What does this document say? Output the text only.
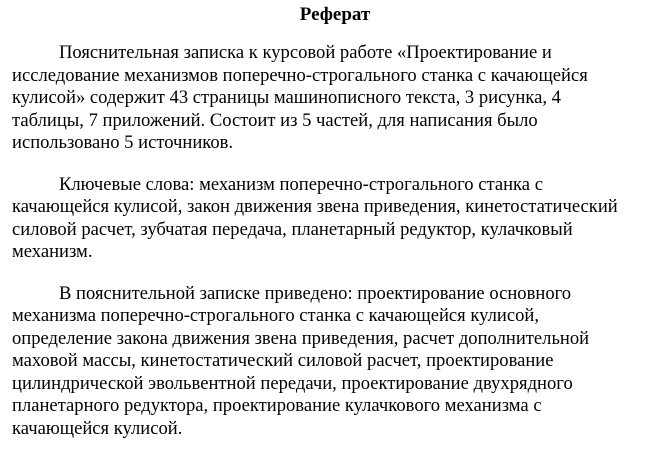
Реферат
Пояснительная записка к курсовой работе «Проектирование и
исследование механизмов поперечно-строгального станка с качающейся
кулисой» содержит 43 страницы машинописного текста, 3 рисунка, 4
таблицы, 7 приложений. Состоит из 5 частей, для написания было
использовано 5 источников.
Ключевые слова: механизм поперечно-строгального станка с
качающейся кулисой, закон движения звена приведения, кинетостатический
силовой расчет, зубчатая передача, планетарный редуктор, кулачковый
механизм.
В пояснительной записке приведено: проектирование основного
механизма поперечно-строгального станка с качающейся кулисой,
определение закона движения звена приведения, расчет дополнительной
маховой массы, кинетостатический силовой расчет, проектирование
цилиндрической эвольвентной передачи, проектирование двухрядного
планетарного редуктора, проектирование кулачкового механизма с
качающейся кулисой.
